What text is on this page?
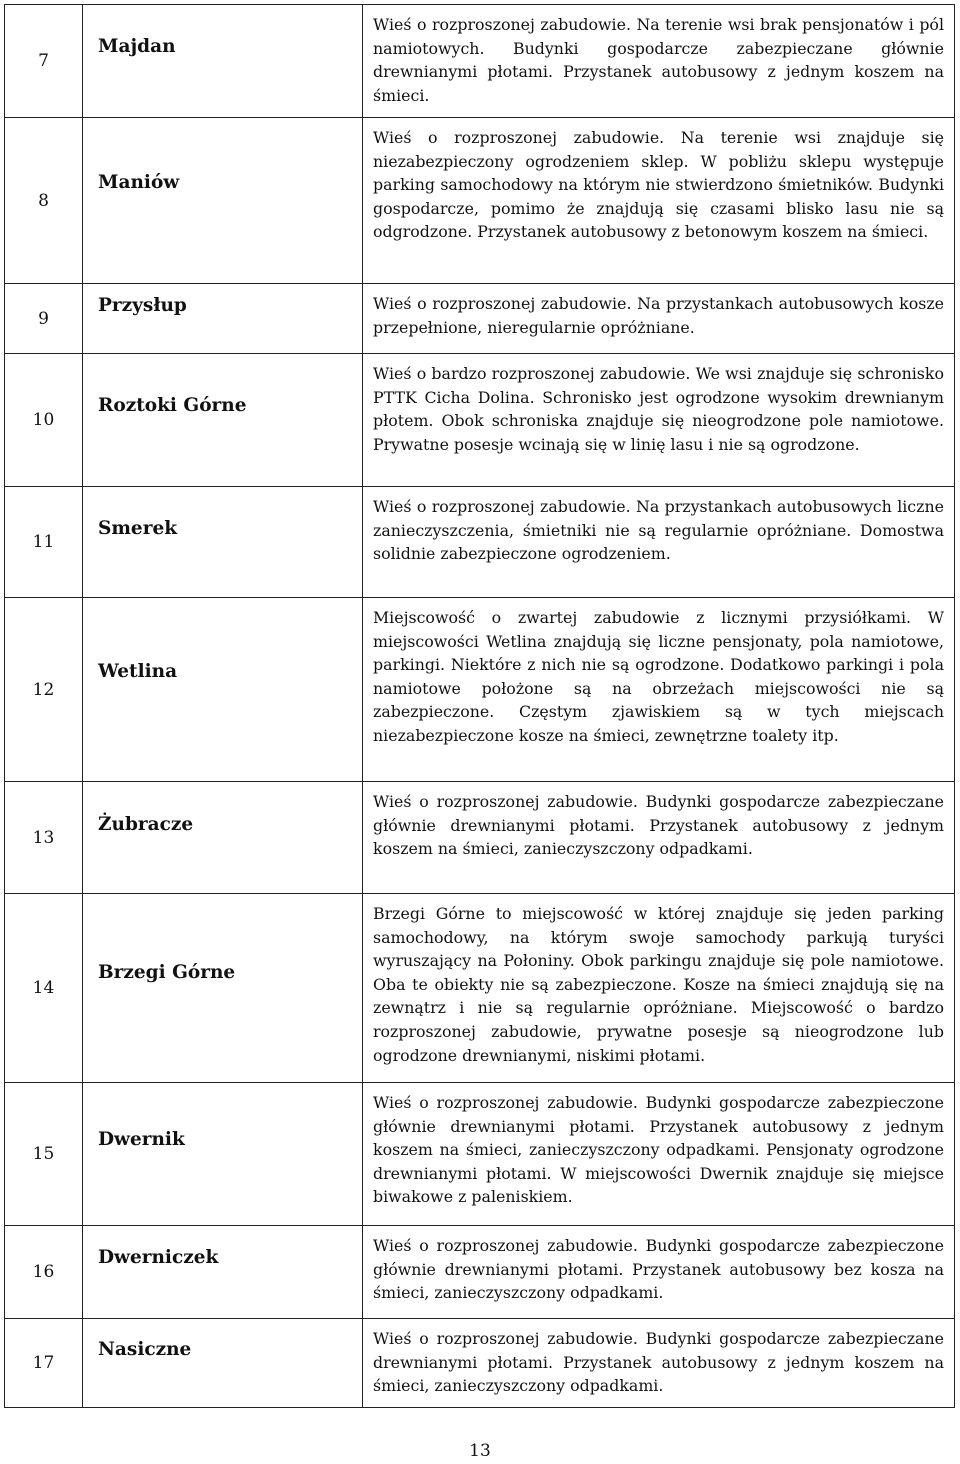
7	Majdan	Wieś o rozproszonej zabudowie. Na terenie wsi brak pensjonatów i pól namiotowych. Budynki gospodarcze zabezpieczane głównie drewnianymi płotami. Przystanek autobusowy z jednym koszem na śmieci.

8	Maniów	Wieś o rozproszonej zabudowie. Na terenie wsi znajduje się niezabezpieczony ogrodzeniem sklep. W pobliżu sklepu występuje parking samochodowy na którym nie stwierdzono śmietników. Budynki gospodarcze, pomimo że znajdują się czasami blisko lasu nie są odgrodzone. Przystanek autobusowy z betonowym koszem na śmieci.

9	Przysłup	Wieś o rozproszonej zabudowie. Na przystankach autobusowych kosze przepełnione, nieregularnie opróżniane.

10	Roztoki Górne	Wieś o bardzo rozproszonej zabudowie. We wsi znajduje się schronisko PTTK Cicha Dolina. Schronisko jest ogrodzone wysokim drewnianym płotem. Obok schroniska znajduje się nieogrodzone pole namiotowe. Prywatne posesje wcinają się w linię lasu i nie są ogrodzone.

11	Smerek	Wieś o rozproszonej zabudowie. Na przystankach autobusowych liczne zanieczyszczenia, śmietniki nie są regularnie opróżniane. Domostwa solidnie zabezpieczone ogrodzeniem.

12	Wetlina	Miejscowość o zwartej zabudowie z licznymi przysiółkami. W miejscowości Wetlina znajdują się liczne pensjonaty, pola namiotowe, parkingi. Niektóre z nich nie są ogrodzone. Dodatkowo parkingi i pola namiotowe położone są na obrzeżach miejscowości nie są zabezpieczone. Częstym zjawiskiem są w tych miejscach niezabezpieczone kosze na śmieci, zewnętrzne toalety itp.

13	Żubracze	Wieś o rozproszonej zabudowie. Budynki gospodarcze zabezpieczane głównie drewnianymi płotami. Przystanek autobusowy z jednym koszem na śmieci, zanieczyszczony odpadkami.

14	Brzegi Górne	Brzegi Górne to miejscowość w której znajduje się jeden parking samochodowy, na którym swoje samochody parkują turyści wyruszający na Połoniny. Obok parkingu znajduje się pole namiotowe. Oba te obiekty nie są zabezpieczone. Kosze na śmieci znajdują się na zewnątrz i nie są regularnie opróżniane. Miejscowość o bardzo rozproszonej zabudowie, prywatne posesje są nieogrodzone lub ogrodzone drewnianymi, niskimi płotami.

15	Dwernik	Wieś o rozproszonej zabudowie. Budynki gospodarcze zabezpieczone głównie drewnianymi płotami. Przystanek autobusowy z jednym koszem na śmieci, zanieczyszczony odpadkami. Pensjonaty ogrodzone drewnianymi płotami. W miejscowości Dwernik znajduje się miejsce biwakowe z paleniskiem.

16	Dwerniczek	Wieś o rozproszonej zabudowie. Budynki gospodarcze zabezpieczone głównie drewnianymi płotami. Przystanek autobusowy bez kosza na śmieci, zanieczyszczony odpadkami.

17	Nasiczne	Wieś o rozproszonej zabudowie. Budynki gospodarcze zabezpieczane drewnianymi płotami. Przystanek autobusowy z jednym koszem na śmieci, zanieczyszczony odpadkami.
13
